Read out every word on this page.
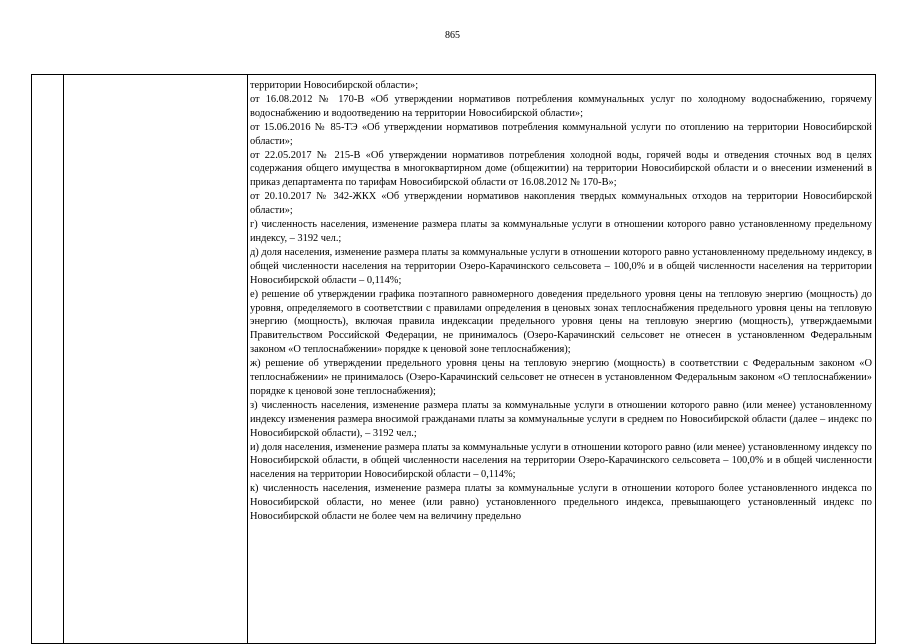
865

территории Новосибирской области»;

от 16.08.2012 № 170-В «Об утверждении нормативов потребления коммунальных услуг по холодному водоснабжению, горячему водоснабжению и водоотведению на территории Новосибирской области»;

от 15.06.2016 № 85-ТЭ «Об утверждении нормативов потребления коммунальной услуги по отоплению на территории Новосибирской области»;

от 22.05.2017 № 215-В «Об утверждении нормативов потребления холодной воды, горячей воды и отведения сточных вод в целях содержания общего имущества в многоквартирном доме (общежитии) на территории Новосибирской области и о внесении изменений в приказ департамента по тарифам Новосибирской области от 16.08.2012 № 170-В»;

от 20.10.2017 № 342-ЖКХ «Об утверждении нормативов накопления твердых коммунальных отходов на территории Новосибирской области»;

г) численность населения, изменение размера платы за коммунальные услуги в отношении которого равно установленному предельному индексу, – 3192 чел.;

д) доля населения, изменение размера платы за коммунальные услуги в отношении которого равно установленному предельному индексу, в общей численности населения на территории Озеро-Карачинского сельсовета – 100,0% и в общей численности населения на территории Новосибирской области – 0,114%;

е) решение об утверждении графика поэтапного равномерного доведения предельного уровня цены на тепловую энергию (мощность) до уровня, определяемого в соответствии с правилами определения в ценовых зонах теплоснабжения предельного уровня цены на тепловую энергию (мощность), включая правила индексации предельного уровня цены на тепловую энергию (мощность), утверждаемыми Правительством Российской Федерации, не принималось (Озеро-Карачинский сельсовет не отнесен в установленном Федеральным законом «О теплоснабжении» порядке к ценовой зоне теплоснабжения);

ж) решение об утверждении предельного уровня цены на тепловую энергию (мощность) в соответствии с Федеральным законом «О теплоснабжении» не принималось (Озеро-Карачинский сельсовет не отнесен в установленном Федеральным законом «О теплоснабжении» порядке к ценовой зоне теплоснабжения);

з) численность населения, изменение размера платы за коммунальные услуги в отношении которого равно (или менее) установленному индексу изменения размера вносимой гражданами платы за коммунальные услуги в среднем по Новосибирской области (далее – индекс по Новосибирской области), – 3192 чел.;

и) доля населения, изменение размера платы за коммунальные услуги в отношении которого равно (или менее) установленному индексу по Новосибирской области, в общей численности населения на территории Озеро-Карачинского сельсовета – 100,0% и в общей численности населения на территории Новосибирской области – 0,114%;

к) численность населения, изменение размера платы за коммунальные услуги в отношении которого более установленного индекса по Новосибирской области, но менее (или равно) установленного предельного индекса, превышающего установленный индекс по Новосибирской области не более чем на величину предельно
